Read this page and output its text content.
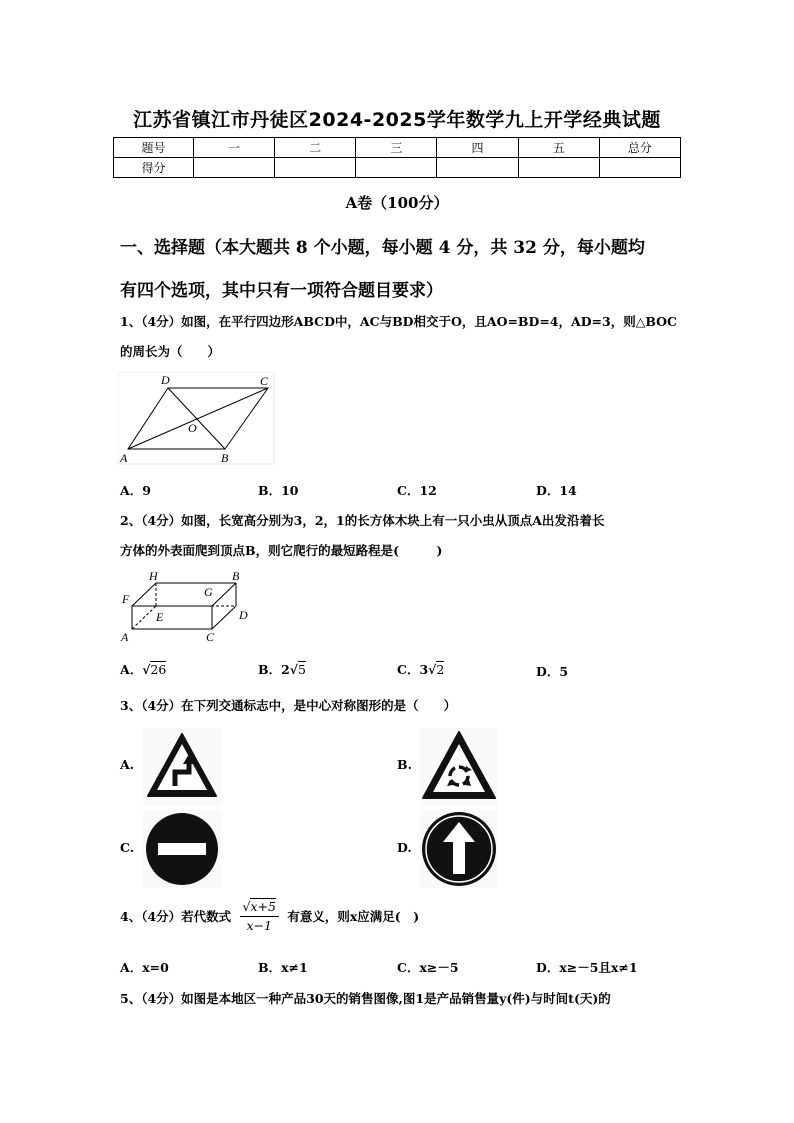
江苏省镇江市丹徒区2024-2025学年数学九上开学经典试题
题号	一	二	三	四	五	总分
得分						
A卷（100分）
一、选择题（本大题共 8 个小题，每小题 4 分，共 32 分，每小题均
有四个选项，其中只有一项符合题目要求）
1、（4分）如图，在平行四边形ABCD中，AC与BD相交于O，且AO=BD=4，AD=3，则△BOC
的周长为（　　）
D	C
O
A	B
A．9	B．10	C．12	D．14
2、（4分）如图，长宽高分别为3，2，1的长方体木块上有一只小虫从顶点A出发沿着长
方体的外表面爬到顶点B，则它爬行的最短路程是(　　　)
H	B
F	G
E	D
A	C
A．√26	B．2√5	C．3√2	D．5
3、（4分）在下列交通标志中，是中心对称图形的是（　　）
A.	B.
C.	D.
4、（4分）若代数式 $\frac{√x+5}{x-1}$ 有意义，则x应满足(　)
A．x=0	B．x≠1	C．x≥－5	D．x≥－5且x≠1
5、（4分）如图是本地区一种产品30天的销售图像,图1是产品销售量y(件)与时间t(天)的
